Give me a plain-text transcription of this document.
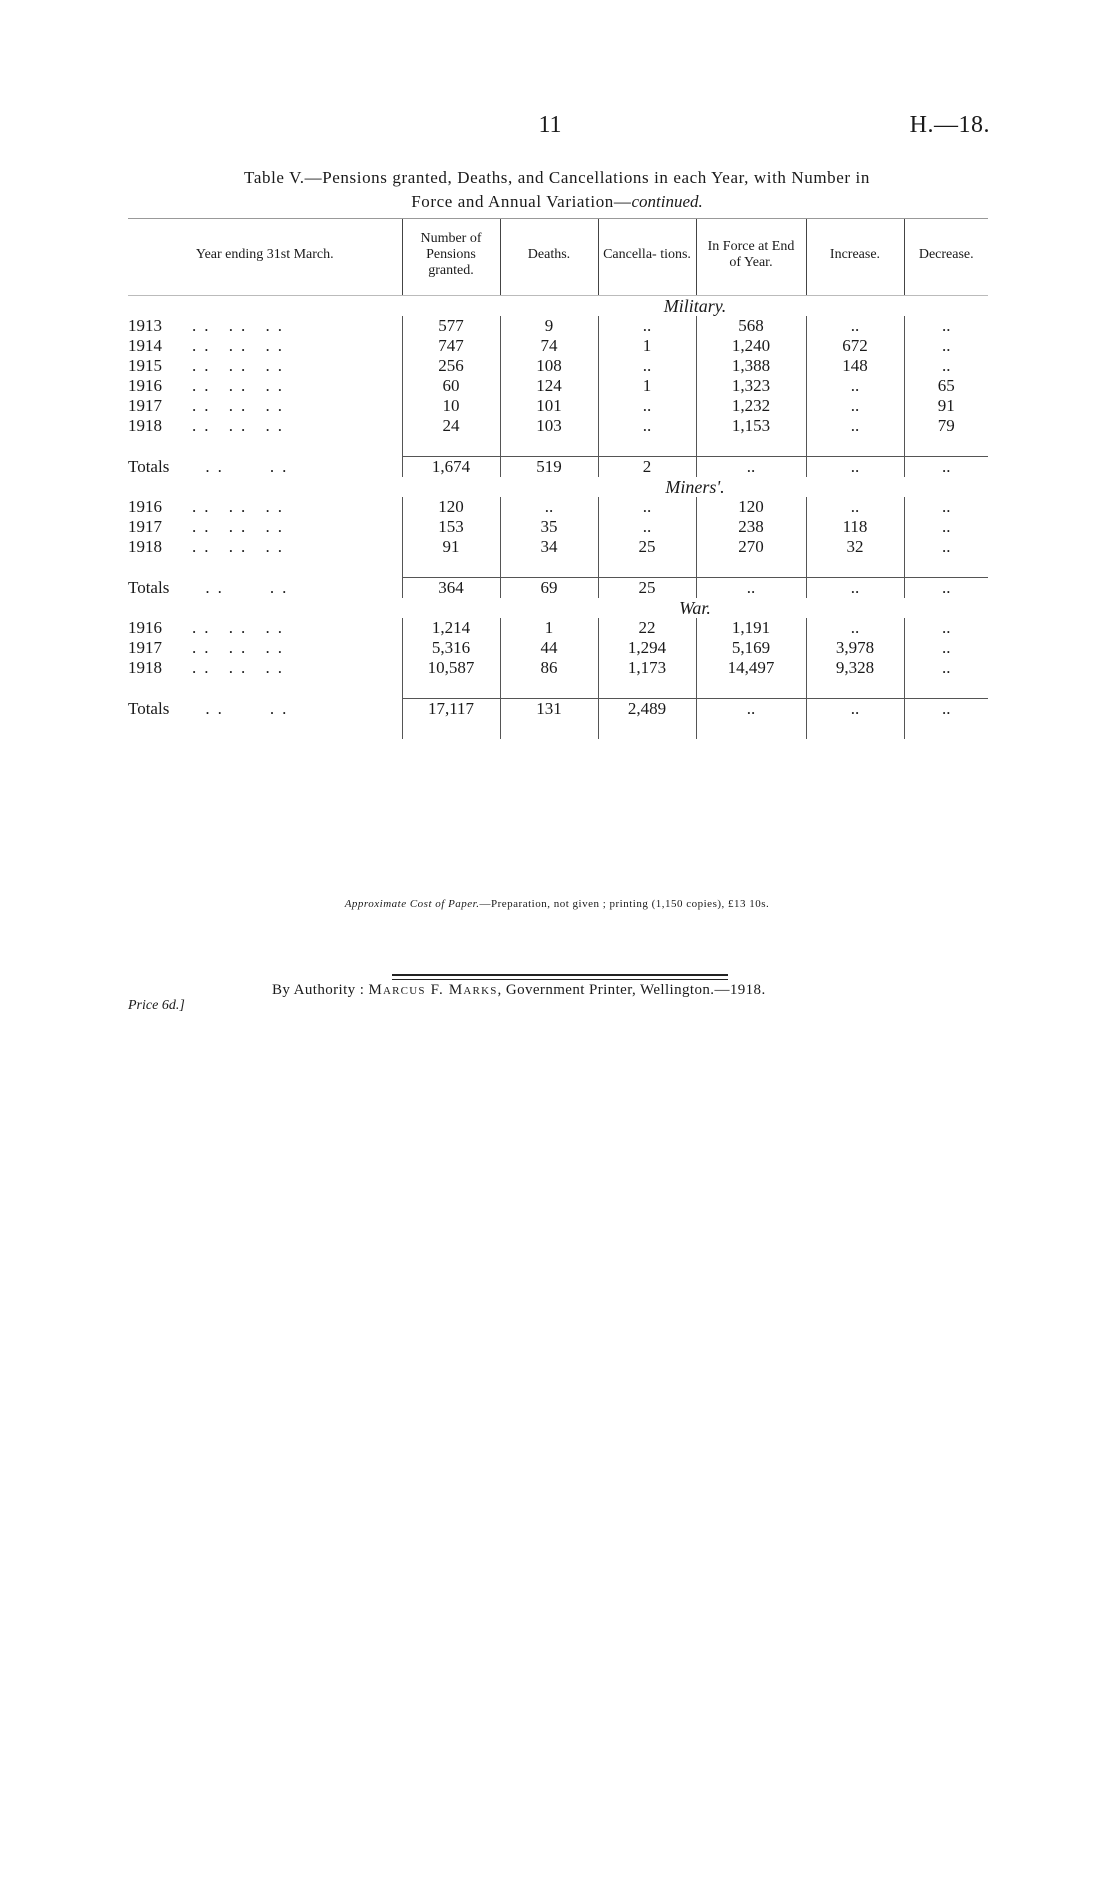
11	H.—18.
Table V.—Pensions granted, Deaths, and Cancellations in each Year, with Number in
Force and Annual Variation—continued.
Year ending 31st March.	Number of Pensions granted.	Deaths.	Cancella- tions.	In Force at End of Year.	Increase.	Decrease.
	Military.					
1913 .. .. ..	577	9	..	568	..	..
1914 .. .. ..	747	74	1	1,240	672	..
1915 .. .. ..	256	108	..	1,388	148	..
1916 .. .. ..	60	124	1	1,323	..	65
1917 .. .. ..	10	101	..	1,232	..	91
1918 .. .. ..	24	103	..	1,153	..	79

Totals .. ..	1,674	519	2	..	..	..
	Miners'.					
1916 .. .. ..	120	..	..	120	..	..
1917 .. .. ..	153	35	..	238	118	..
1918 .. .. ..	91	34	25	270	32	..

Totals .. ..	364	69	25	..	..	..
	War.					
1916 .. .. ..	1,214	1	22	1,191	..	..
1917 .. .. ..	5,316	44	1,294	5,169	3,978	..
1918 .. .. ..	10,587	86	1,173	14,497	9,328	..

Totals .. ..	17,117	131	2,489	..	..	..

Approximate Cost of Paper.—Preparation, not given ; printing (1,150 copies), £13 10s.
By Authority : Marcus F. Marks, Government Printer, Wellington.—1918.
Price 6d.]
